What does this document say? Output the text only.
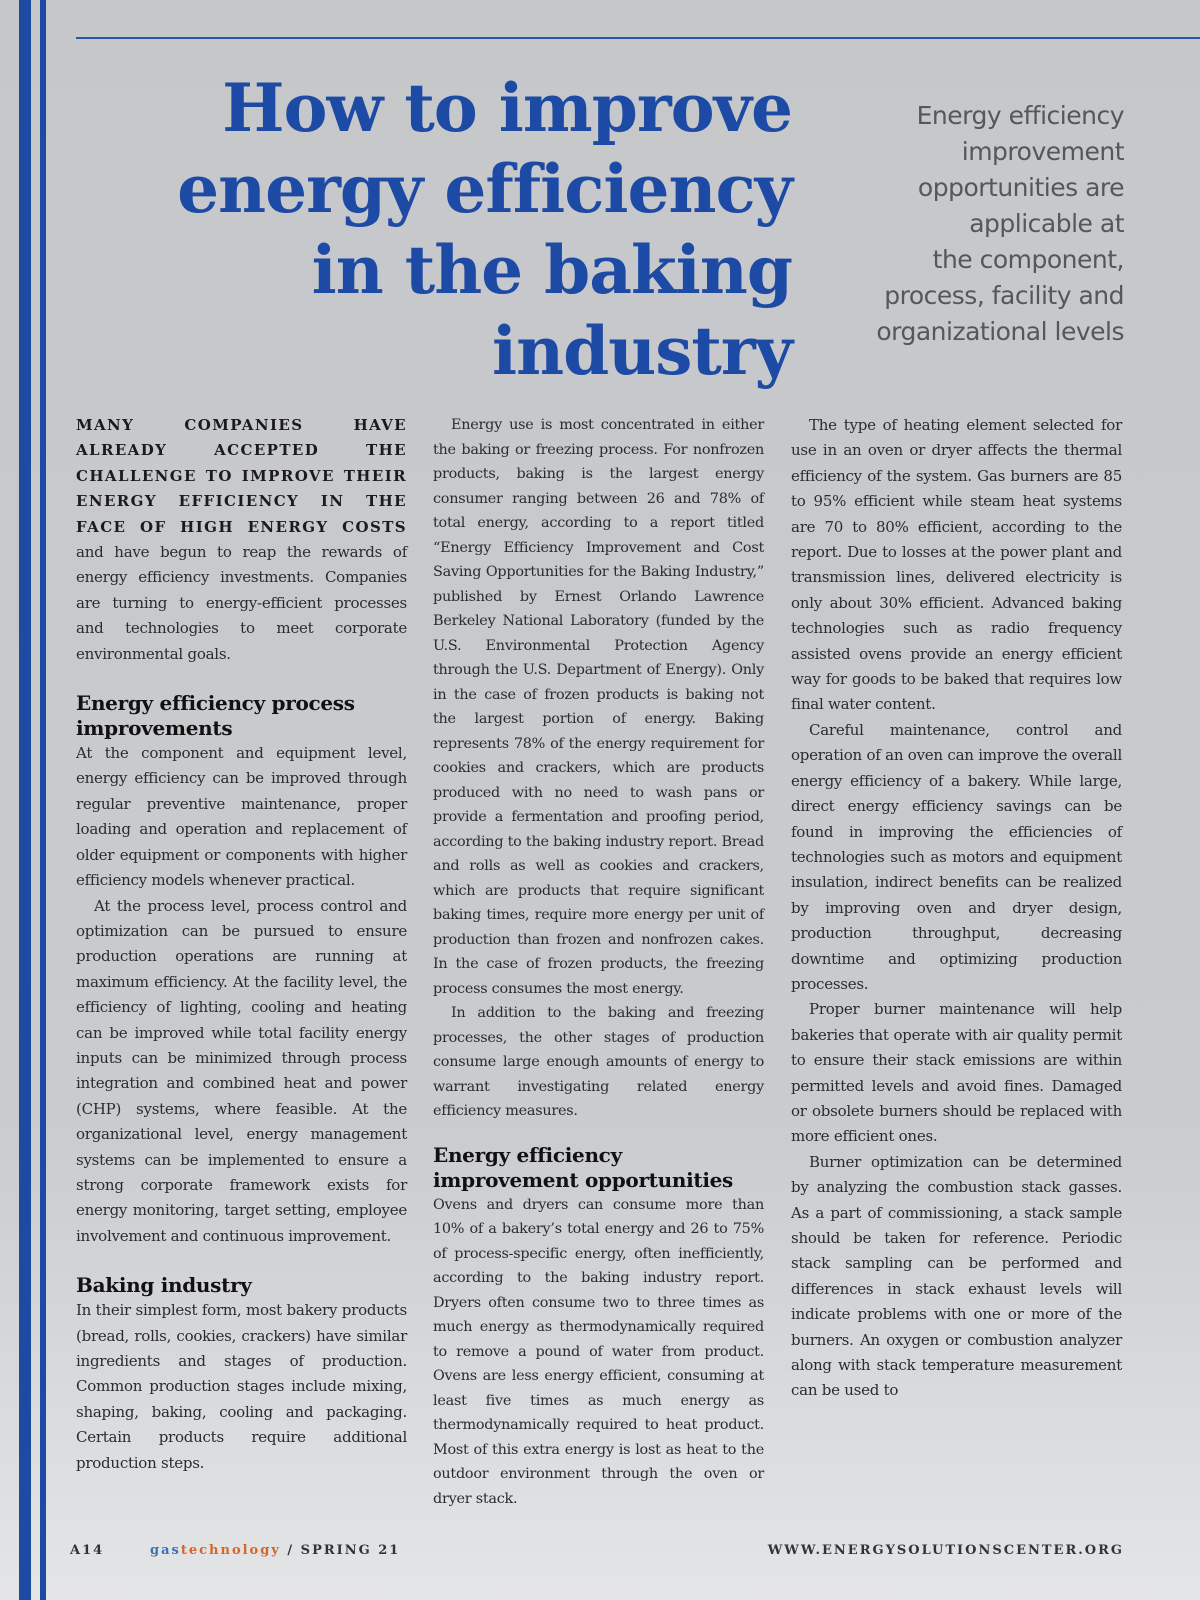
How to improve
energy efficiency
in the baking
industry
Energy efficiency
improvement
opportunities are
applicable at
the component,
process, facility and
organizational levels

MANY COMPANIES HAVE ALREADY ACCEPTED THE CHALLENGE TO IMPROVE THEIR ENERGY EFFICIENCY IN THE FACE OF HIGH ENERGY COSTS and have begun to reap the rewards of energy efficiency investments. Companies are turning to energy-efficient processes and technologies to meet corporate environmental goals.

Energy efficiency process improvements

At the component and equipment level, energy efficiency can be improved through regular preventive maintenance, proper loading and operation and replacement of older equipment or components with higher efficiency models whenever practical.

At the process level, process control and optimization can be pursued to ensure production operations are running at maximum efficiency. At the facility level, the efficiency of lighting, cooling and heating can be improved while total facility energy inputs can be minimized through process integration and combined heat and power (CHP) systems, where feasible. At the organizational level, energy management systems can be implemented to ensure a strong corporate framework exists for energy monitoring, target setting, employee involvement and continuous improvement.

Baking industry

In their simplest form, most bakery products (bread, rolls, cookies, crackers) have similar ingredients and stages of production. Common production stages include mixing, shaping, baking, cooling and packaging. Certain products require additional production steps.

Energy use is most concentrated in either the baking or freezing process. For nonfrozen products, baking is the largest energy consumer ranging between 26 and 78% of total energy, according to a report titled “Energy Efficiency Improvement and Cost Saving Opportunities for the Baking Industry,” published by Ernest Orlando Lawrence Berkeley National Laboratory (funded by the U.S. Environmental Protection Agency through the U.S. Department of Energy). Only in the case of frozen products is baking not the largest portion of energy. Baking represents 78% of the energy requirement for cookies and crackers, which are products produced with no need to wash pans or provide a fermentation and proofing period, according to the baking industry report. Bread and rolls as well as cookies and crackers, which are products that require significant baking times, require more energy per unit of production than frozen and nonfrozen cakes. In the case of frozen products, the freezing process consumes the most energy.

In addition to the baking and freezing processes, the other stages of production consume large enough amounts of energy to warrant investigating related energy efficiency measures.

Energy efficiency improvement opportunities

Ovens and dryers can consume more than 10% of a bakery’s total energy and 26 to 75% of process-specific energy, often inefficiently, according to the baking industry report. Dryers often consume two to three times as much energy as thermodynamically required to remove a pound of water from product. Ovens are less energy efficient, consuming at least five times as much energy as thermodynamically required to heat product. Most of this extra energy is lost as heat to the outdoor environment through the oven or dryer stack.

The type of heating element selected for use in an oven or dryer affects the thermal efficiency of the system. Gas burners are 85 to 95% efficient while steam heat systems are 70 to 80% efficient, according to the report. Due to losses at the power plant and transmission lines, delivered electricity is only about 30% efficient. Advanced baking technologies such as radio frequency assisted ovens provide an energy efficient way for goods to be baked that requires low final water content.

Careful maintenance, control and operation of an oven can improve the overall energy efficiency of a bakery. While large, direct energy efficiency savings can be found in improving the efficiencies of technologies such as motors and equipment insulation, indirect benefits can be realized by improving oven and dryer design, production throughput, decreasing downtime and optimizing production processes.

Proper burner maintenance will help bakeries that operate with air quality permit to ensure their stack emissions are within permitted levels and avoid fines. Damaged or obsolete burners should be replaced with more efficient ones.

Burner optimization can be determined by analyzing the combustion stack gasses. As a part of commissioning, a stack sample should be taken for reference. Periodic stack sampling can be performed and differences in stack exhaust levels will indicate problems with one or more of the burners. An oxygen or combustion analyzer along with stack temperature measurement can be used to

A14	gastechnology / SPRING 21	WWW.ENERGYSOLUTIONSCENTER.ORG
